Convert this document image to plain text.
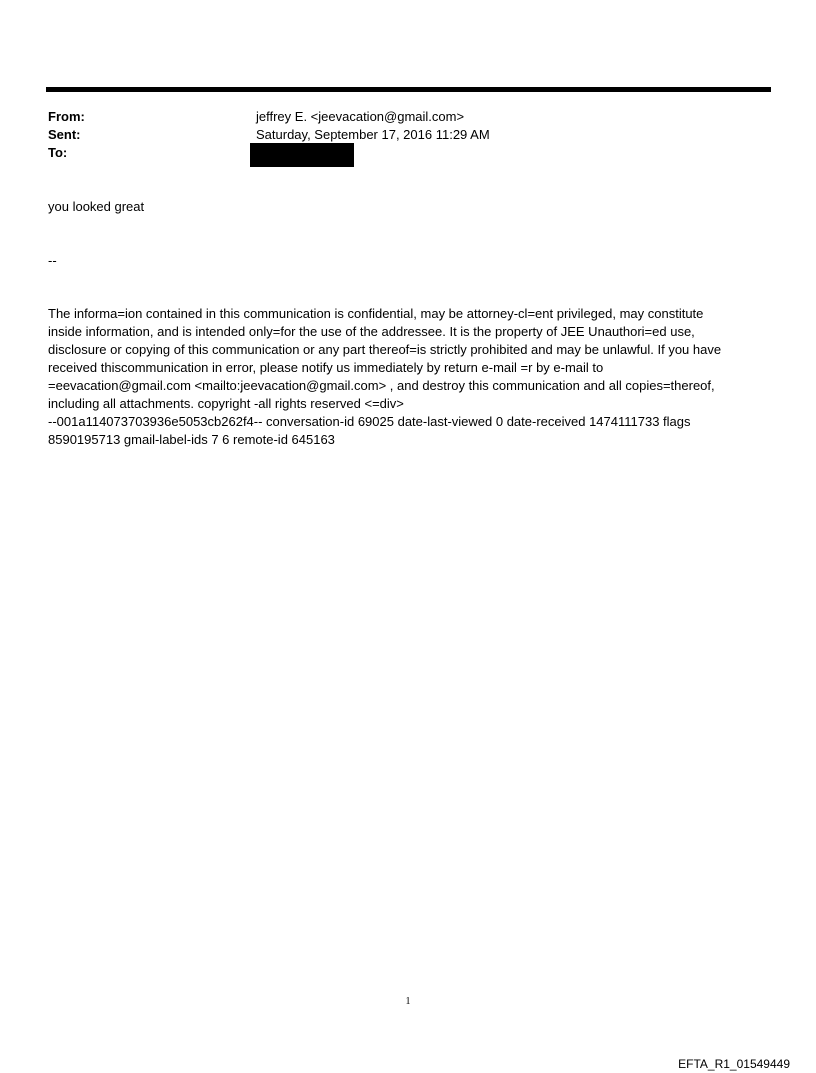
From:	jeffrey E. <jeevacation@gmail.com>
Sent:	Saturday, September 17, 2016 11:29 AM
To:
you looked great
--

The informa=ion contained in this communication is confidential, may be attorney-cl=ent privileged, may constitute

inside information, and is intended only=for the use of the addressee. It is the property of JEE Unauthori=ed use,

disclosure or copying of this communication or any part thereof=is strictly prohibited and may be unlawful. If you have

received thiscommunication in error, please notify us immediately by return e-mail =r by e-mail to

=eevacation@gmail.com <mailto:jeevacation@gmail.com> , and destroy this communication and all copies=thereof,

including all attachments. copyright -all rights reserved <=div>

--001a114073703936e5053cb262f4-- conversation-id 69025 date-last-viewed 0 date-received 1474111733 flags

8590195713 gmail-label-ids 7 6 remote-id 645163

1
EFTA_R1_01549449
